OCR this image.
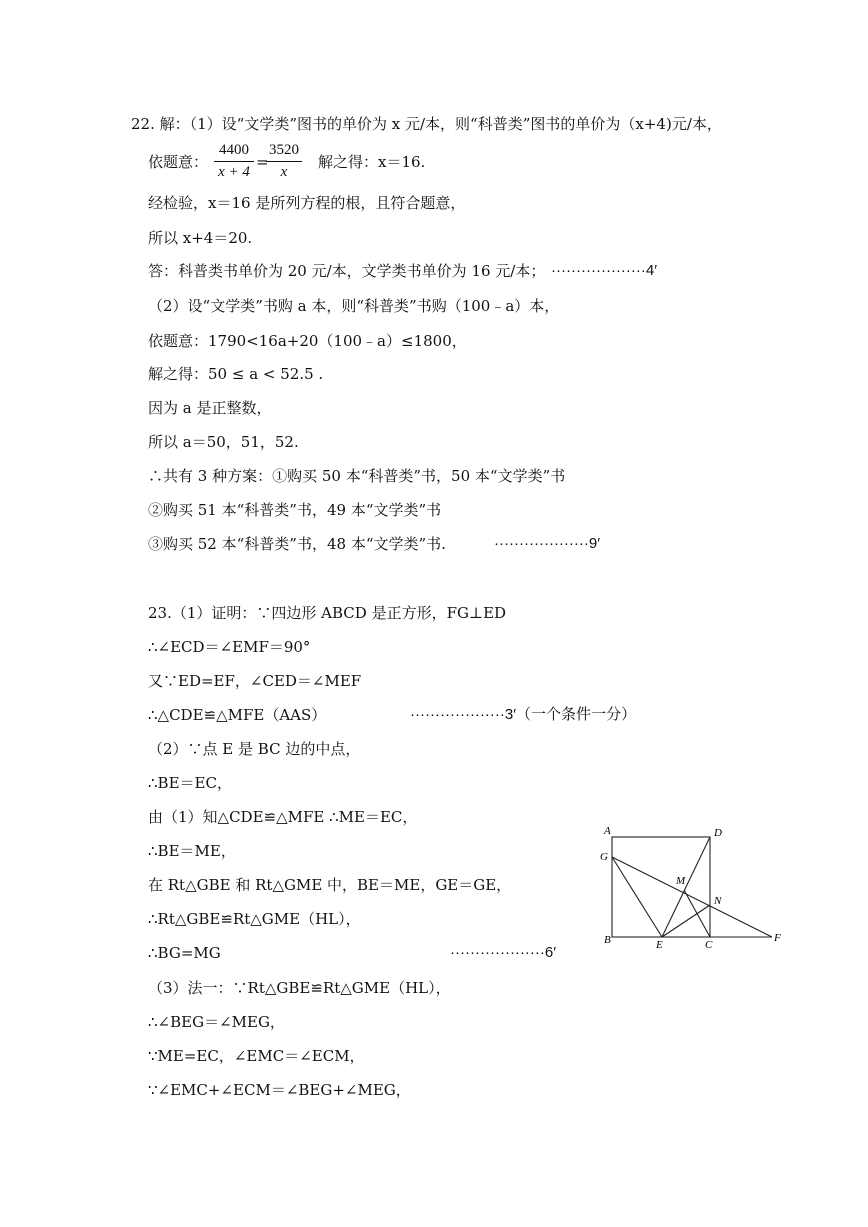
22. 解：（1）设“文学类”图书的单价为 x 元/本，则“科普类”图书的单价为（x+4)元/本，
依题意： $\frac{4400}{x + 4}$ =
$\frac{3520}{x}$ 解之得：x＝16.
经检验，x＝16 是所列方程的根，且符合题意，
所以 x+4＝20.
答：科普类书单价为 20 元/本，文学类书单价为 16 元/本； ···················4′
（2）设“文学类”书购 a 本，则“科普类”书购（100﹣a）本，
依题意：1790<16a+20（100﹣a）≤1800，
解之得：50 ≤ a < 52.5 .
因为 a 是正整数，
所以 a＝50，51，52.
∴共有 3 种方案：①购买 50 本“科普类”书，50 本“文学类”书
②购买 51 本“科普类”书，49 本“文学类”书
③购买 52 本“科普类”书，48 本“文学类”书.	···················9′
23.（1）证明：∵四边形 ABCD 是正方形，FG⊥ED
∴∠ECD＝∠EMF＝90°
又∵ED=EF，∠CED＝∠MEF
∴△CDE≌△MFE（AAS）	···················3′（一个条件一分）
（2）∵点 E 是 BC 边的中点，
∴BE＝EC，
由（1）知△CDE≌△MFE ∴ME＝EC，
∴BE＝ME，
在 Rt△GBE 和 Rt△GME 中，BE＝ME，GE＝GE，
∴Rt△GBE≌Rt△GME（HL），
∴BG=MG	···················6′
（3）法一：∵Rt△GBE≌Rt△GME（HL），
∴∠BEG＝∠MEG，
∵ME=EC，∠EMC＝∠ECM，
∵∠EMC+∠ECM＝∠BEG+∠MEG，
A	D
G
M
N
B	E	C
F
